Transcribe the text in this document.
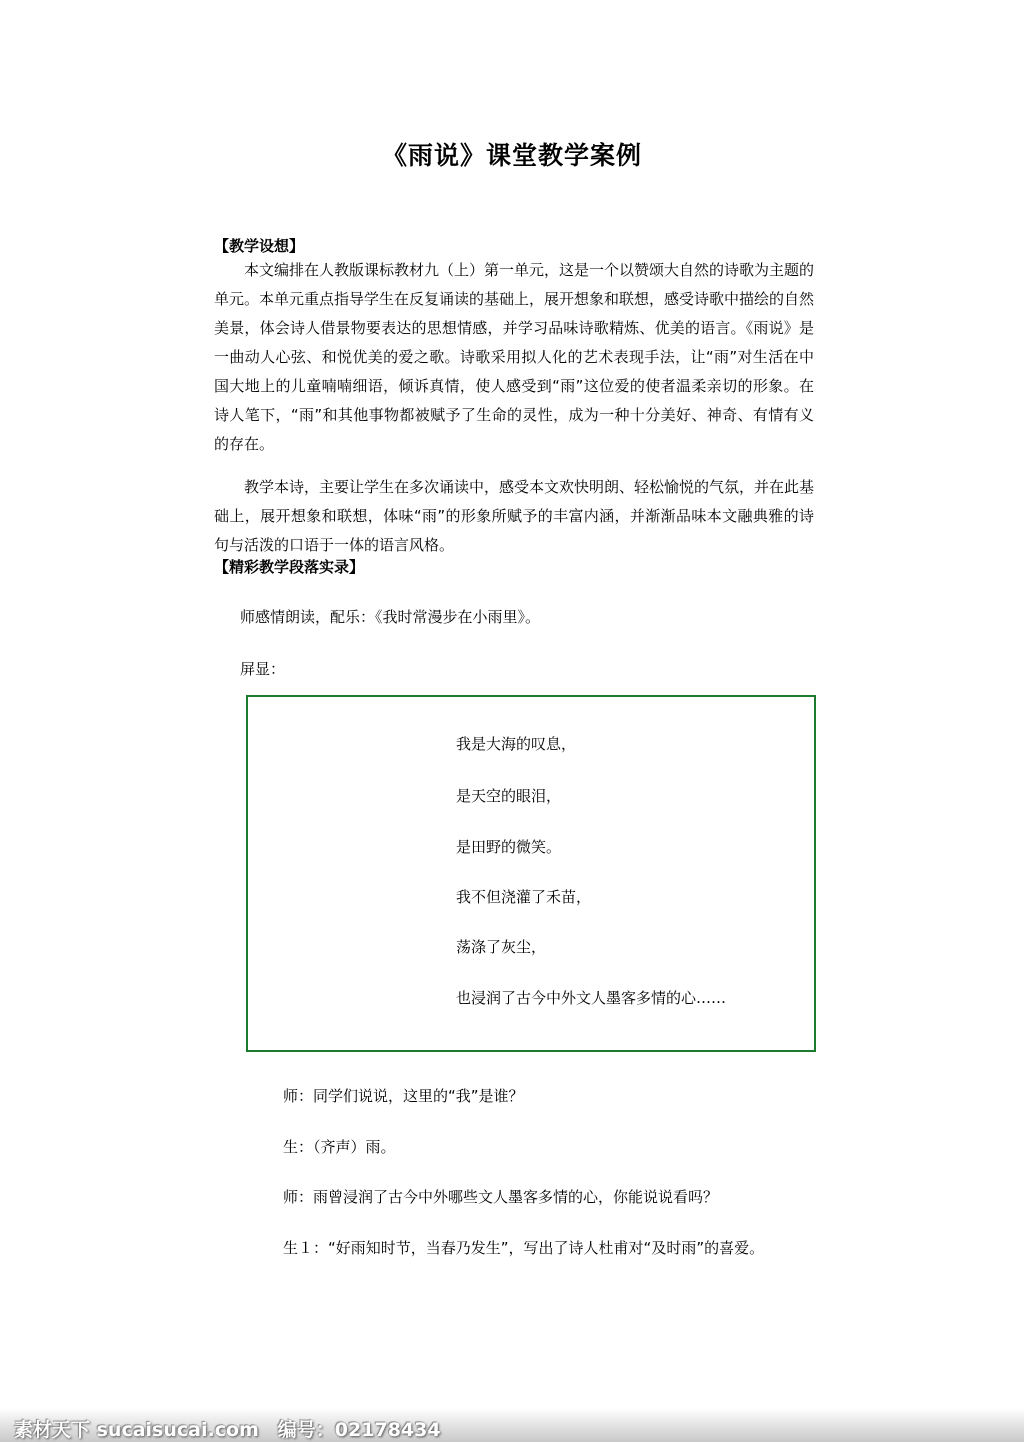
《雨说》课堂教学案例
【教学设想】
本文编排在人教版课标教材九（上）第一单元，这是一个以赞颂大自然的诗歌为主题的单元。本单元重点指导学生在反复诵读的基础上，展开想象和联想，感受诗歌中描绘的自然美景，体会诗人借景物要表达的思想情感，并学习品味诗歌精炼、优美的语言。《雨说》是一曲动人心弦、和悦优美的爱之歌。诗歌采用拟人化的艺术表现手法，让“雨”对生活在中国大地上的儿童喃喃细语，倾诉真情，使人感受到“雨”这位爱的使者温柔亲切的形象。在诗人笔下，“雨”和其他事物都被赋予了生命的灵性，成为一种十分美好、神奇、有情有义的存在。
教学本诗，主要让学生在多次诵读中，感受本文欢快明朗、轻松愉悦的气氛，并在此基础上，展开想象和联想，体味“雨”的形象所赋予的丰富内涵，并渐渐品味本文融典雅的诗句与活泼的口语于一体的语言风格。
【精彩教学段落实录】
师感情朗读，配乐：《我时常漫步在小雨里》。
屏显：
我是大海的叹息，
是天空的眼泪，
是田野的微笑。
我不但浇灌了禾苗，
荡涤了灰尘，
也浸润了古今中外文人墨客多情的心……
师：同学们说说，这里的“我”是谁？
生：（齐声）雨。
师：雨曾浸润了古今中外哪些文人墨客多情的心，你能说说看吗？
生１：“好雨知时节，当春乃发生”，写出了诗人杜甫对“及时雨”的喜爱。
素材天下 sucaisucai.com　编号：02178434
